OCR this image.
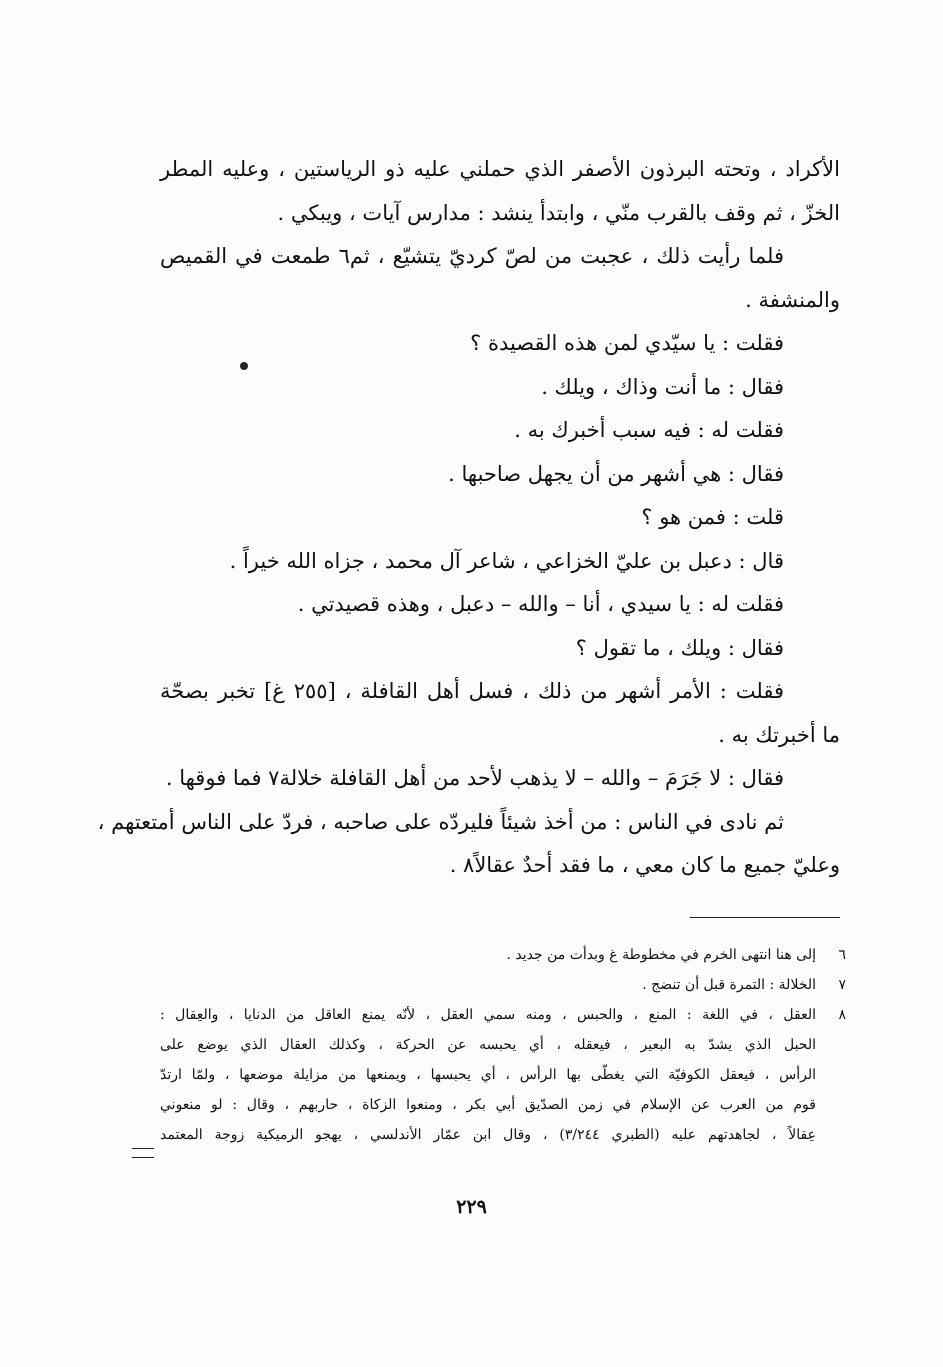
الأكراد ، وتحته البرذون الأصفر الذي حملني عليه ذو الرياستين ، وعليه المطر
الخزّ ، ثم وقف بالقرب منّي ، وابتدأ ينشد : مدارس آيات ، ويبكي .
فلما رأيت ذلك ، عجبت من لصّ كرديّ يتشيّع ، ثم٦ طمعت في القميص
والمنشفة .
فقلت : يا سيّدي لمن هذه القصيدة ؟
فقال : ما أنت وذاك ، ويلك .
فقلت له : فيه سبب أخبرك به .
فقال : هي أشهر من أن يجهل صاحبها .
قلت : فمن هو ؟
قال : دعبل بن عليّ الخزاعي ، شاعر آل محمد ، جزاه الله خيراً .
فقلت له : يا سيدي ، أنا – والله – دعبل ، وهذه قصيدتي .
فقال : ويلك ، ما تقول ؟
فقلت : الأمر أشهر من ذلك ، فسل أهل القافلة ، [٢٥٥ غ] تخبر بصحّة
ما أخبرتك به .
فقال : لا جَرَمَ – والله – لا يذهب لأحد من أهل القافلة خلالة٧ فما فوقها .
ثم نادى في الناس : من أخذ شيئاً فليردّه على صاحبه ، فردّ على الناس أمتعتهم ،
وعليّ جميع ما كان معي ، ما فقد أحدٌ عقالاً٨ .
٦
إلى هنا انتهى الخرم في مخطوطة غ وبدأت من جديد .
٧
الخلالة : التمرة قبل أن تنضج .
٨
العقل ، في اللغة : المنع ، والحبس ، ومنه سمي العقل ، لأنّه يمنع العاقل من الدنايا ، والعِقال :
الحبل الذي يشدّ به البعير ، فيعقله ، أي يحبسه عن الحركة ، وكذلك العقال الذي يوضع على
الرأس ، فيعقل الكوفيّة التي يغطّى بها الرأس ، أي يحبسها ، ويمنعها من مزايلة موضعها ، ولمّا ارتدّ
قوم من العرب عن الإسلام في زمن الصدّيق أبي بكر ، ومنعوا الزكاة ، حاربهم ، وقال : لو منعوني
عِقالاً ، لجاهدتهم عليه (الطبري ٣/٢٤٤) ، وقال ابن عمّار الأندلسي ، يهجو الرميكية زوجة المعتمد
٢٢٩
